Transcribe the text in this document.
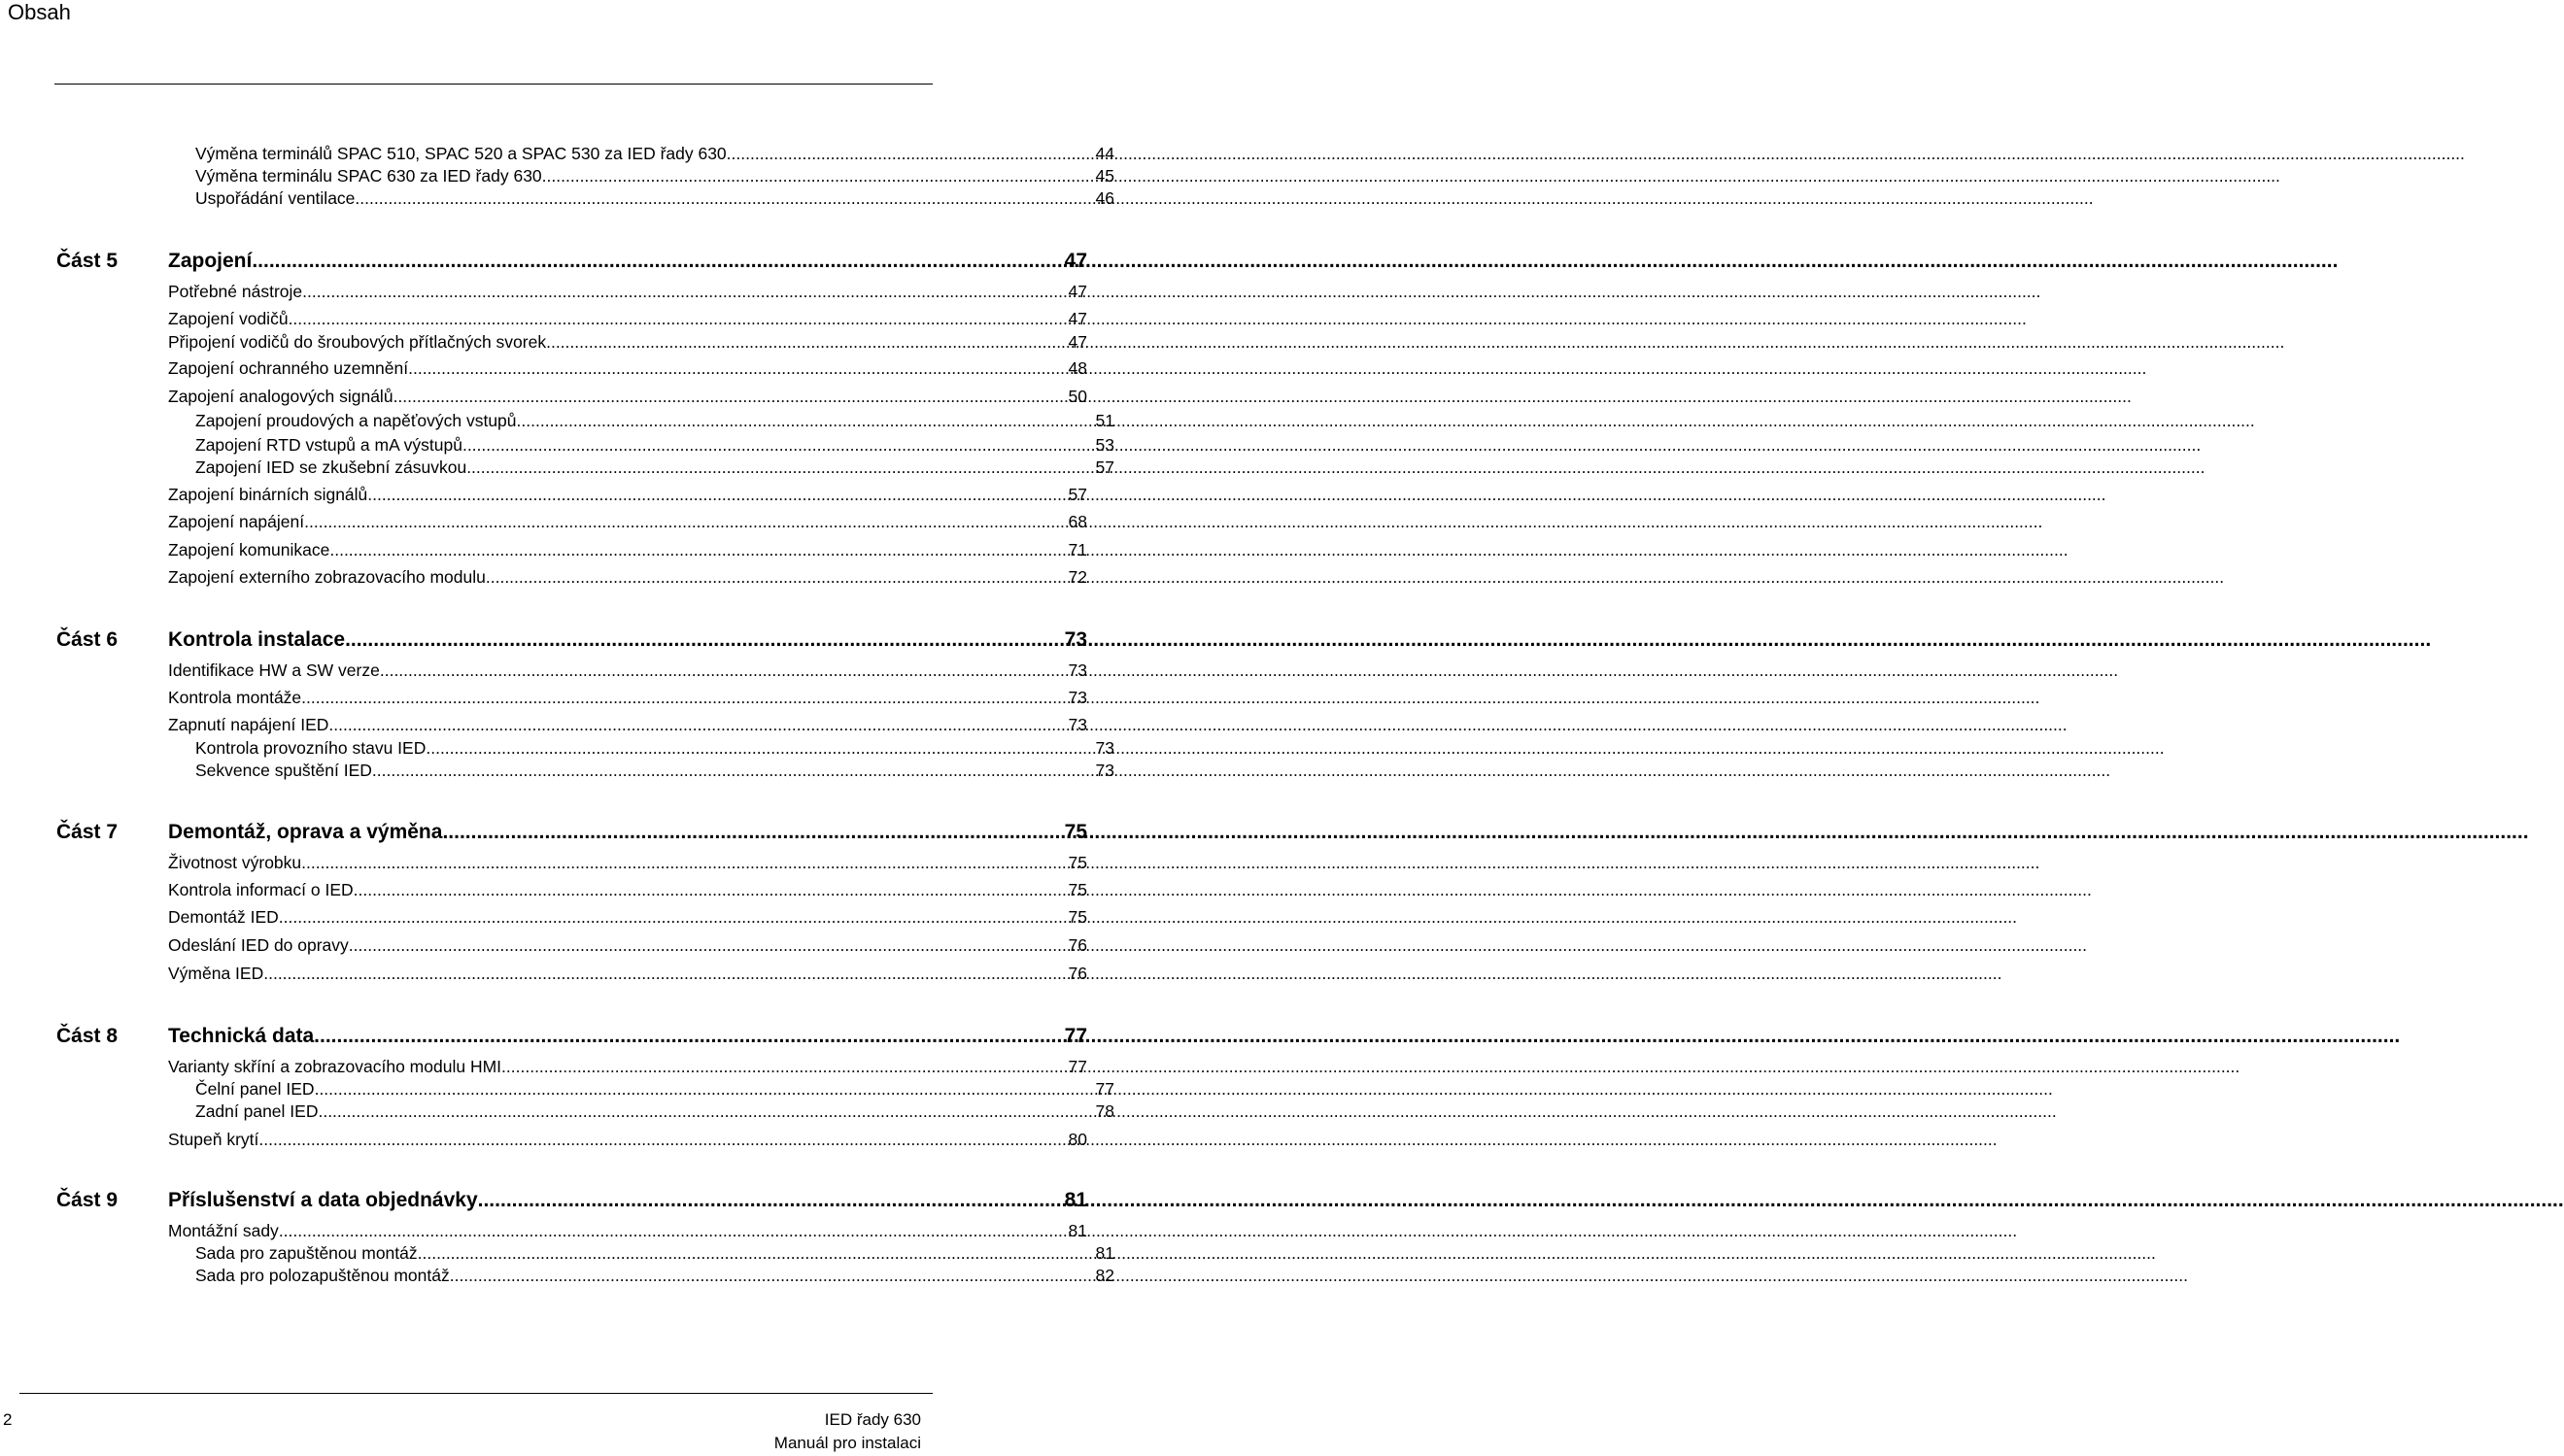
Obsah
Výměna terminálů SPAC 510, SPAC 520 a SPAC 530 za IED řady 630 .....	44
Výměna terminálu SPAC 630 za IED řady 630 .....	45
Uspořádání ventilace .....	46
Část 5 Zapojení .....	47
Potřebné nástroje .....	47
Zapojení vodičů .....	47
Připojení vodičů do šroubových přítlačných svorek .....	47
Zapojení ochranného uzemnění .....	48
Zapojení analogových signálů .....	50
Zapojení proudových a napěťových vstupů .....	51
Zapojení RTD vstupů a mA výstupů .....	53
Zapojení IED se zkušební zásuvkou .....	57
Zapojení binárních signálů .....	57
Zapojení napájení .....	68
Zapojení komunikace .....	71
Zapojení externího zobrazovacího modulu .....	72
Část 6 Kontrola instalace .....	73
Identifikace HW a SW verze .....	73
Kontrola montáže .....	73
Zapnutí napájení IED .....	73
Kontrola provozního stavu IED .....	73
Sekvence spuštění IED .....	73
Část 7 Demontáž, oprava a výměna .....	75
Životnost výrobku .....	75
Kontrola informací o IED .....	75
Demontáž IED .....	75
Odeslání IED do opravy .....	76
Výměna IED .....	76
Část 8 Technická data .....	77
Varianty skříní a zobrazovacího modulu HMI .....	77
Čelní panel IED .....	77
Zadní panel IED .....	78
Stupeň krytí .....	80
Část 9 Příslušenství a data objednávky .....	81
Montážní sady .....	81
Sada pro zapuštěnou montáž .....	81
Sada pro polozapuštěnou montáž .....	82
2	IED řady 630
Manuál pro instalaci
